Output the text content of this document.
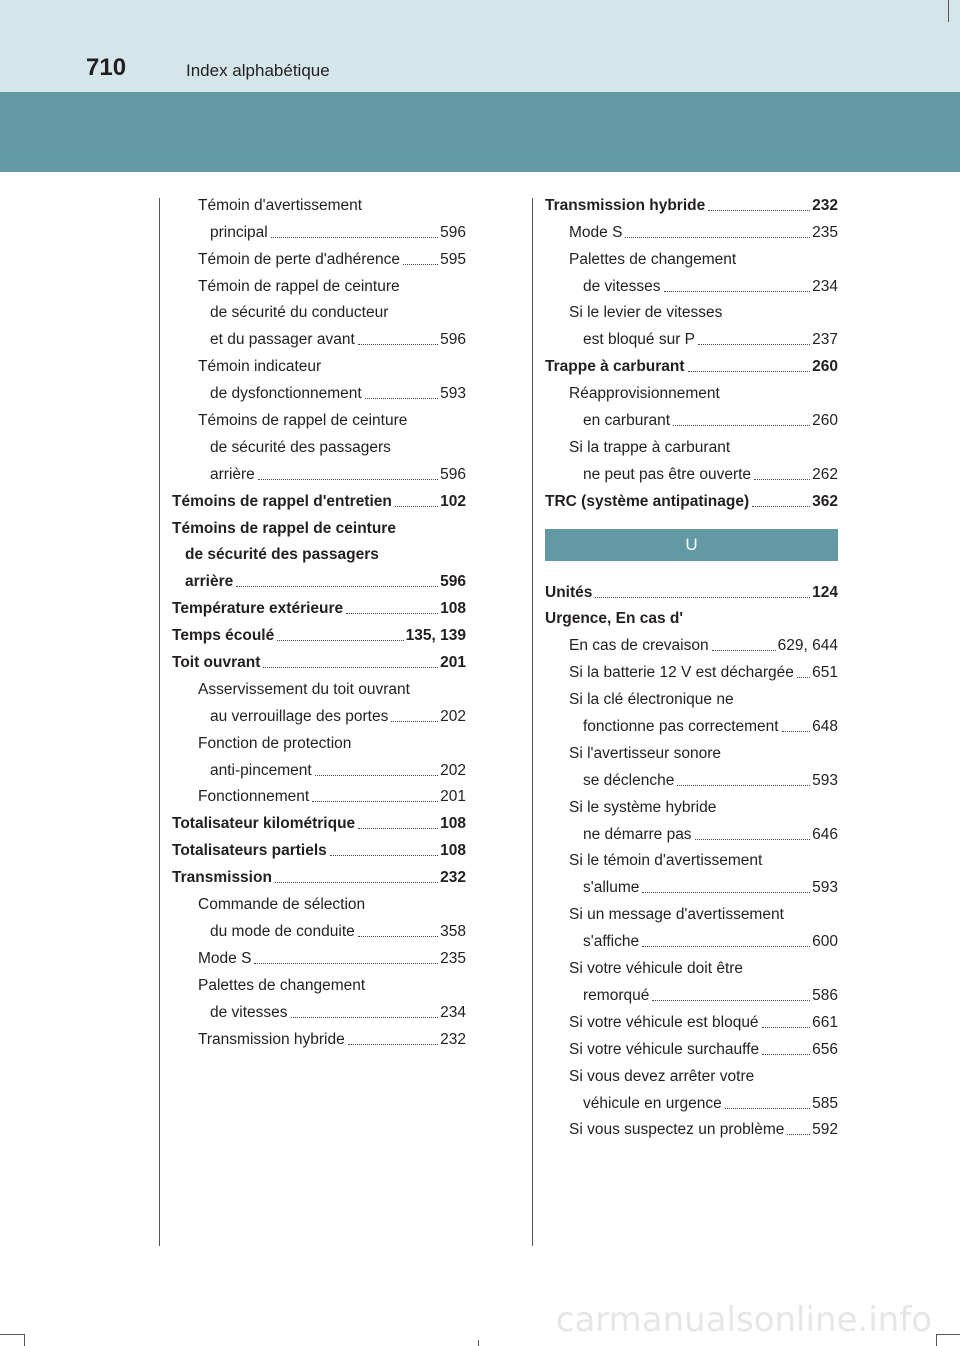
710	Index alphabétique
Témoin d'avertissement
principal	596
Témoin de perte d'adhérence	595
Témoin de rappel de ceinture
de sécurité du conducteur
et du passager avant	596
Témoin indicateur
de dysfonctionnement	593
Témoins de rappel de ceinture
de sécurité des passagers
arrière	596
Témoins de rappel d'entretien	102
Témoins de rappel de ceinture
de sécurité des passagers
arrière	596
Température extérieure	108
Temps écoulé	135, 139
Toit ouvrant	201
Asservissement du toit ouvrant
au verrouillage des portes	202
Fonction de protection
anti-pincement	202
Fonctionnement	201
Totalisateur kilométrique	108
Totalisateurs partiels	108
Transmission	232
Commande de sélection
du mode de conduite	358
Mode S	235
Palettes de changement
de vitesses	234
Transmission hybride	232
Transmission hybride	232
Mode S	235
Palettes de changement
de vitesses	234
Si le levier de vitesses
est bloqué sur P	237
Trappe à carburant	260
Réapprovisionnement
en carburant	260
Si la trappe à carburant
ne peut pas être ouverte	262
TRC (système antipatinage)	362
U
Unités	124
Urgence, En cas d'
En cas de crevaison	629, 644
Si la batterie 12 V est déchargée 651
Si la clé électronique ne
fonctionne pas correctement 648
Si l'avertisseur sonore
se déclenche	593
Si le système hybride
ne démarre pas	646
Si le témoin d'avertissement
s'allume	593
Si un message d'avertissement
s'affiche	600
Si votre véhicule doit être
remorqué	586
Si votre véhicule est bloqué	661
Si votre véhicule surchauffe	656
Si vous devez arrêter votre
véhicule en urgence	585
Si vous suspectez un problème 592
carmanualsonline.info
